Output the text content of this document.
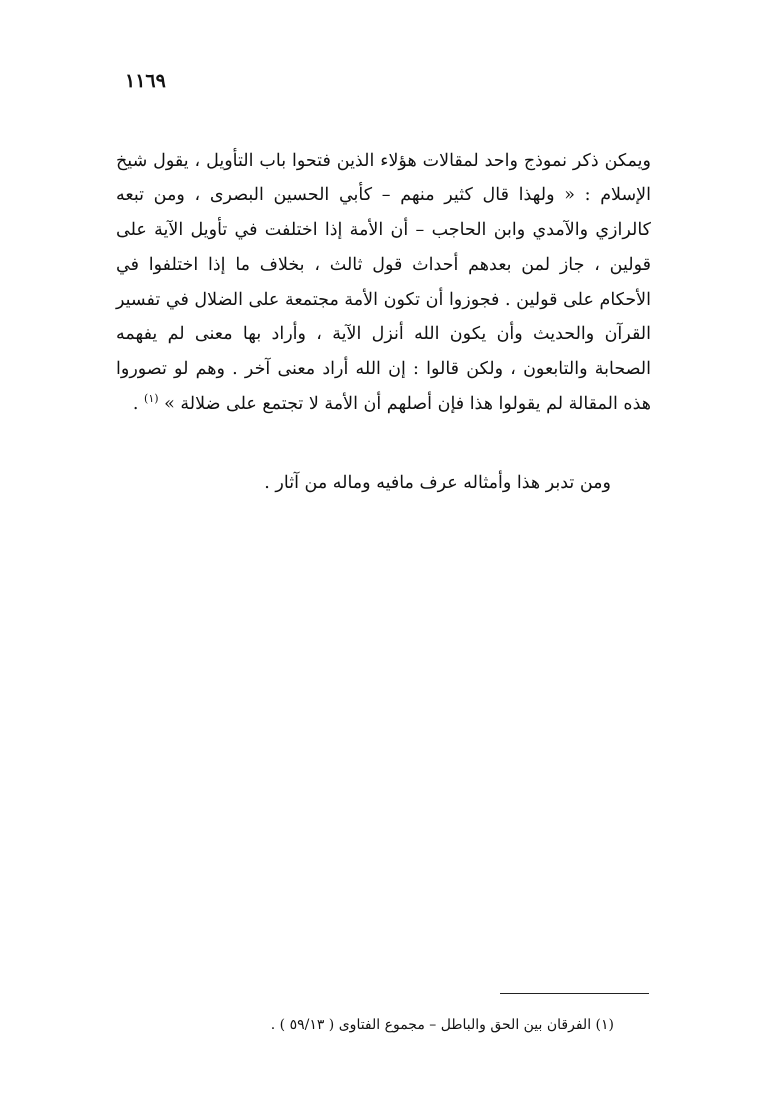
١١٦٩

ويمكن ذكر نموذج واحد لمقالات هؤلاء الذين فتحوا باب التأويل ، يقول شيخ الإسلام : « ولهذا قال كثير منهم – كأبي الحسين البصرى ، ومن تبعه كالرازي والآمدي وابن الحاجب – أن الأمة إذا اختلفت في تأويل الآية على قولين ، جاز لمن بعدهم أحداث قول ثالث ، بخلاف ما إذا اختلفوا في الأحكام على قولين . فجوزوا أن تكون الأمة مجتمعة على الضلال في تفسير القرآن والحديث وأن يكون الله أنزل الآية ، وأراد بها معنى لم يفهمه الصحابة والتابعون ، ولكن قالوا : إن الله أراد معنى آخر . وهم لو تصوروا هذه المقالة لم يقولوا هذا فإن أصلهم أن الأمة لا تجتمع على ضلالة » $^{(١)}$ .

ومن تدبر هذا وأمثاله عرف مافيه وماله من آثار .

(١) الفرقان بين الحق والباطل – مجموع الفتاوى ( ٥٩/١٣ ) .
